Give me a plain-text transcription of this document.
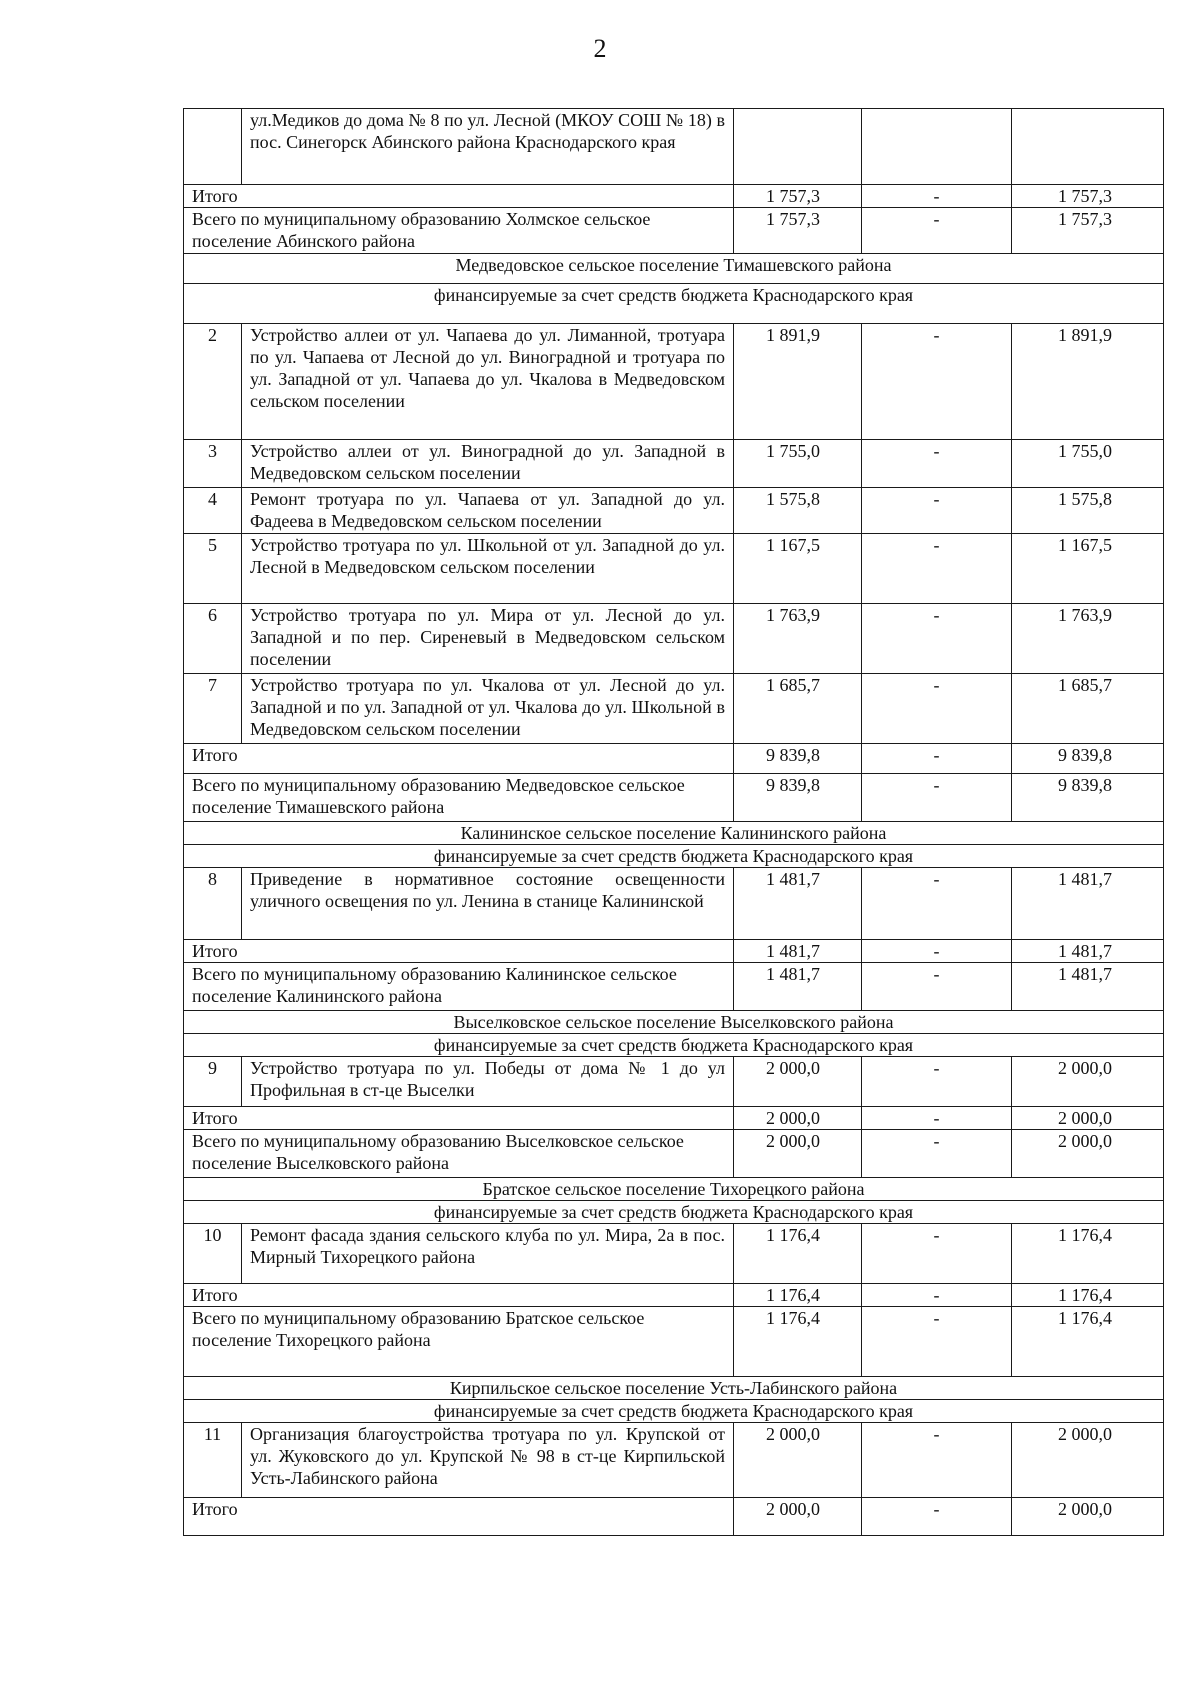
2
	ул.Медиков до дома № 8 по ул. Лесной (МКОУ СОШ № 18) в пос. Синегорск Абинского района Краснодарского края			
Итого		1 757,3	-	1 757,3
Всего по муниципальному образованию Холмское сельское поселение Абинского района		1 757,3	-	1 757,3
Медведовское сельское поселение Тимашевского района				
финансируемые за счет средств бюджета Краснодарского края				
2	Устройство аллеи от ул. Чапаева до ул. Лиманной, тротуара по ул. Чапаева от Лесной до ул. Виноградной и тротуара по ул. Западной от ул. Чапаева до ул. Чкалова в Медведовском сельском поселении	1 891,9	-	1 891,9
3	Устройство аллеи от ул. Виноградной до ул. Западной в Медведовском сельском поселении	1 755,0	-	1 755,0
4	Ремонт тротуара по ул. Чапаева от ул. Западной до ул. Фадеева в Медведовском сельском поселении	1 575,8	-	1 575,8
5	Устройство тротуара по ул. Школьной от ул. Западной до ул. Лесной в Медведовском сельском поселении	1 167,5	-	1 167,5
6	Устройство тротуара по ул. Мира от ул. Лесной до ул. Западной и по пер. Сиреневый в Медведовском сельском поселении	1 763,9	-	1 763,9
7	Устройство тротуара по ул. Чкалова от ул. Лесной до ул. Западной и по ул. Западной от ул. Чкалова до ул. Школьной в Медведовском сельском поселении	1 685,7	-	1 685,7
Итого		9 839,8	-	9 839,8
Всего по муниципальному образованию Медведовское сельское поселение Тимашевского района		9 839,8	-	9 839,8
Калининское сельское поселение Калининского района				
финансируемые за счет средств бюджета Краснодарского края				
8	Приведение в нормативное состояние освещенности уличного освещения по ул. Ленина в станице Калининской	1 481,7	-	1 481,7
Итого		1 481,7	-	1 481,7
Всего по муниципальному образованию Калининское сельское поселение Калининского района		1 481,7	-	1 481,7
Выселковское сельское поселение Выселковского района				
финансируемые за счет средств бюджета Краснодарского края				
9	Устройство тротуара по ул. Победы от дома № 1 до ул Профильная в ст-це Выселки	2 000,0	-	2 000,0
Итого		2 000,0	-	2 000,0
Всего по муниципальному образованию Выселковское сельское поселение Выселковского района		2 000,0	-	2 000,0
Братское сельское поселение Тихорецкого района				
финансируемые за счет средств бюджета Краснодарского края				
10	Ремонт фасада здания сельского клуба по ул. Мира, 2а в пос. Мирный Тихорецкого района	1 176,4	-	1 176,4
Итого		1 176,4	-	1 176,4
Всего по муниципальному образованию Братское сельское поселение Тихорецкого района		1 176,4	-	1 176,4
Кирпильское сельское поселение Усть-Лабинского района				
финансируемые за счет средств бюджета Краснодарского края				
11	Организация благоустройства тротуара по ул. Крупской от ул. Жуковского до ул. Крупской № 98 в ст-це Кирпильской Усть-Лабинского района	2 000,0	-	2 000,0
Итого		2 000,0	-	2 000,0
